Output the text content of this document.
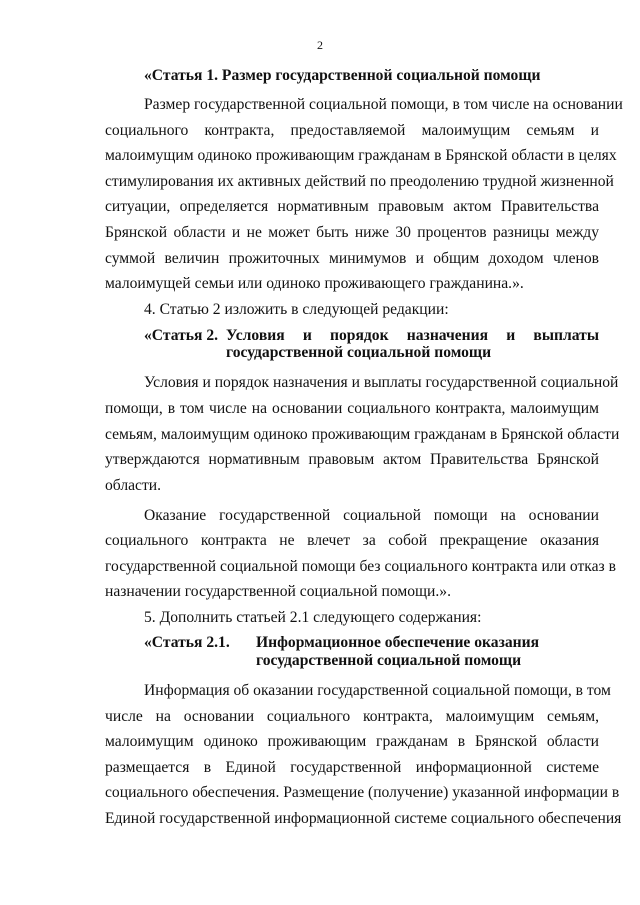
2
«Статья 1. Размер государственной социальной помощи
Размер государственной социальной помощи, в том числе на основании
социального контракта, предоставляемой малоимущим семьям и
малоимущим одиноко проживающим гражданам в Брянской области в целях
стимулирования их активных действий по преодолению трудной жизненной
ситуации, определяется нормативным правовым актом Правительства
Брянской области и не может быть ниже 30 процентов разницы между
суммой величин прожиточных минимумов и общим доходом членов
малоимущей семьи или одиноко проживающего гражданина.».
4. Статью 2 изложить в следующей редакции:
«Статья 2. Условия и порядок назначения и выплаты
государственной социальной помощи
Условия и порядок назначения и выплаты государственной социальной
помощи, в том числе на основании социального контракта, малоимущим
семьям, малоимущим одиноко проживающим гражданам в Брянской области
утверждаются нормативным правовым актом Правительства Брянской
области.
Оказание государственной социальной помощи на основании
социального контракта не влечет за собой прекращение оказания
государственной социальной помощи без социального контракта или отказ в
назначении государственной социальной помощи.».
5. Дополнить статьей 2.1 следующего содержания:
«Статья 2.1. Информационное обеспечение оказания
государственной социальной помощи
Информация об оказании государственной социальной помощи, в том
числе на основании социального контракта, малоимущим семьям,
малоимущим одиноко проживающим гражданам в Брянской области
размещается в Единой государственной информационной системе
социального обеспечения. Размещение (получение) указанной информации в
Единой государственной информационной системе социального обеспечения
